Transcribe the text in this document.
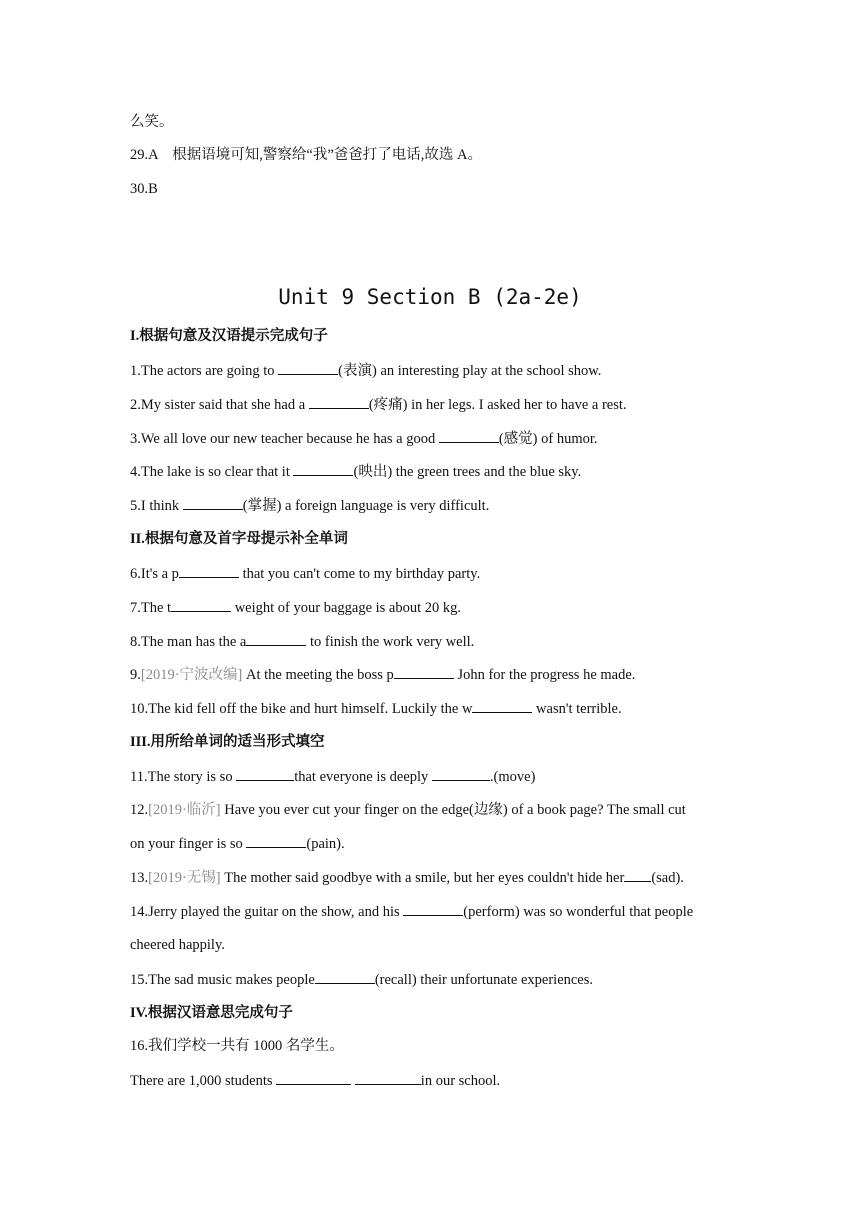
么笑。
29.A　根据语境可知,警察给“我”爸爸打了电话,故选 A。
30.B
Unit 9 Section B (2a-2e)
I.根据句意及汉语提示完成句子
1.The actors are going to	(表演) an interesting play at the school show.
2.My sister said that she had a	(疼痛) in her legs. I asked her to have a rest.
3.We all love our new teacher because he has a good	(感觉) of humor.
4.The lake is so clear that it	(映出) the green trees and the blue sky.
5.I think	(掌握) a foreign language is very difficult.
II.根据句意及首字母提示补全单词
6.It's a p	that you can't come to my birthday party.
7.The t	weight of your baggage is about 20 kg.
8.The man has the a	to finish the work very well.
9.[2019·宁波改编] At the meeting the boss p	John for the progress he made.
10.The kid fell off the bike and hurt himself. Luckily the w	wasn't terrible.
III.用所给单词的适当形式填空
11.The story is so	that everyone is deeply	.(move)
12.[2019·临沂] Have you ever cut your finger on the edge(边缘) of a book page? The small cut
on your finger is so	(pain).
13.[2019·无锡] The mother said goodbye with a smile, but her eyes couldn't hide her (sad).
14.Jerry played the guitar on the show, and his	(perform) was so wonderful that people
cheered happily.
15.The sad music makes people	(recall) their unfortunate experiences.
IV.根据汉语意思完成句子
16.我们学校一共有 1000 名学生。
There are 1,000 students	in our school.
